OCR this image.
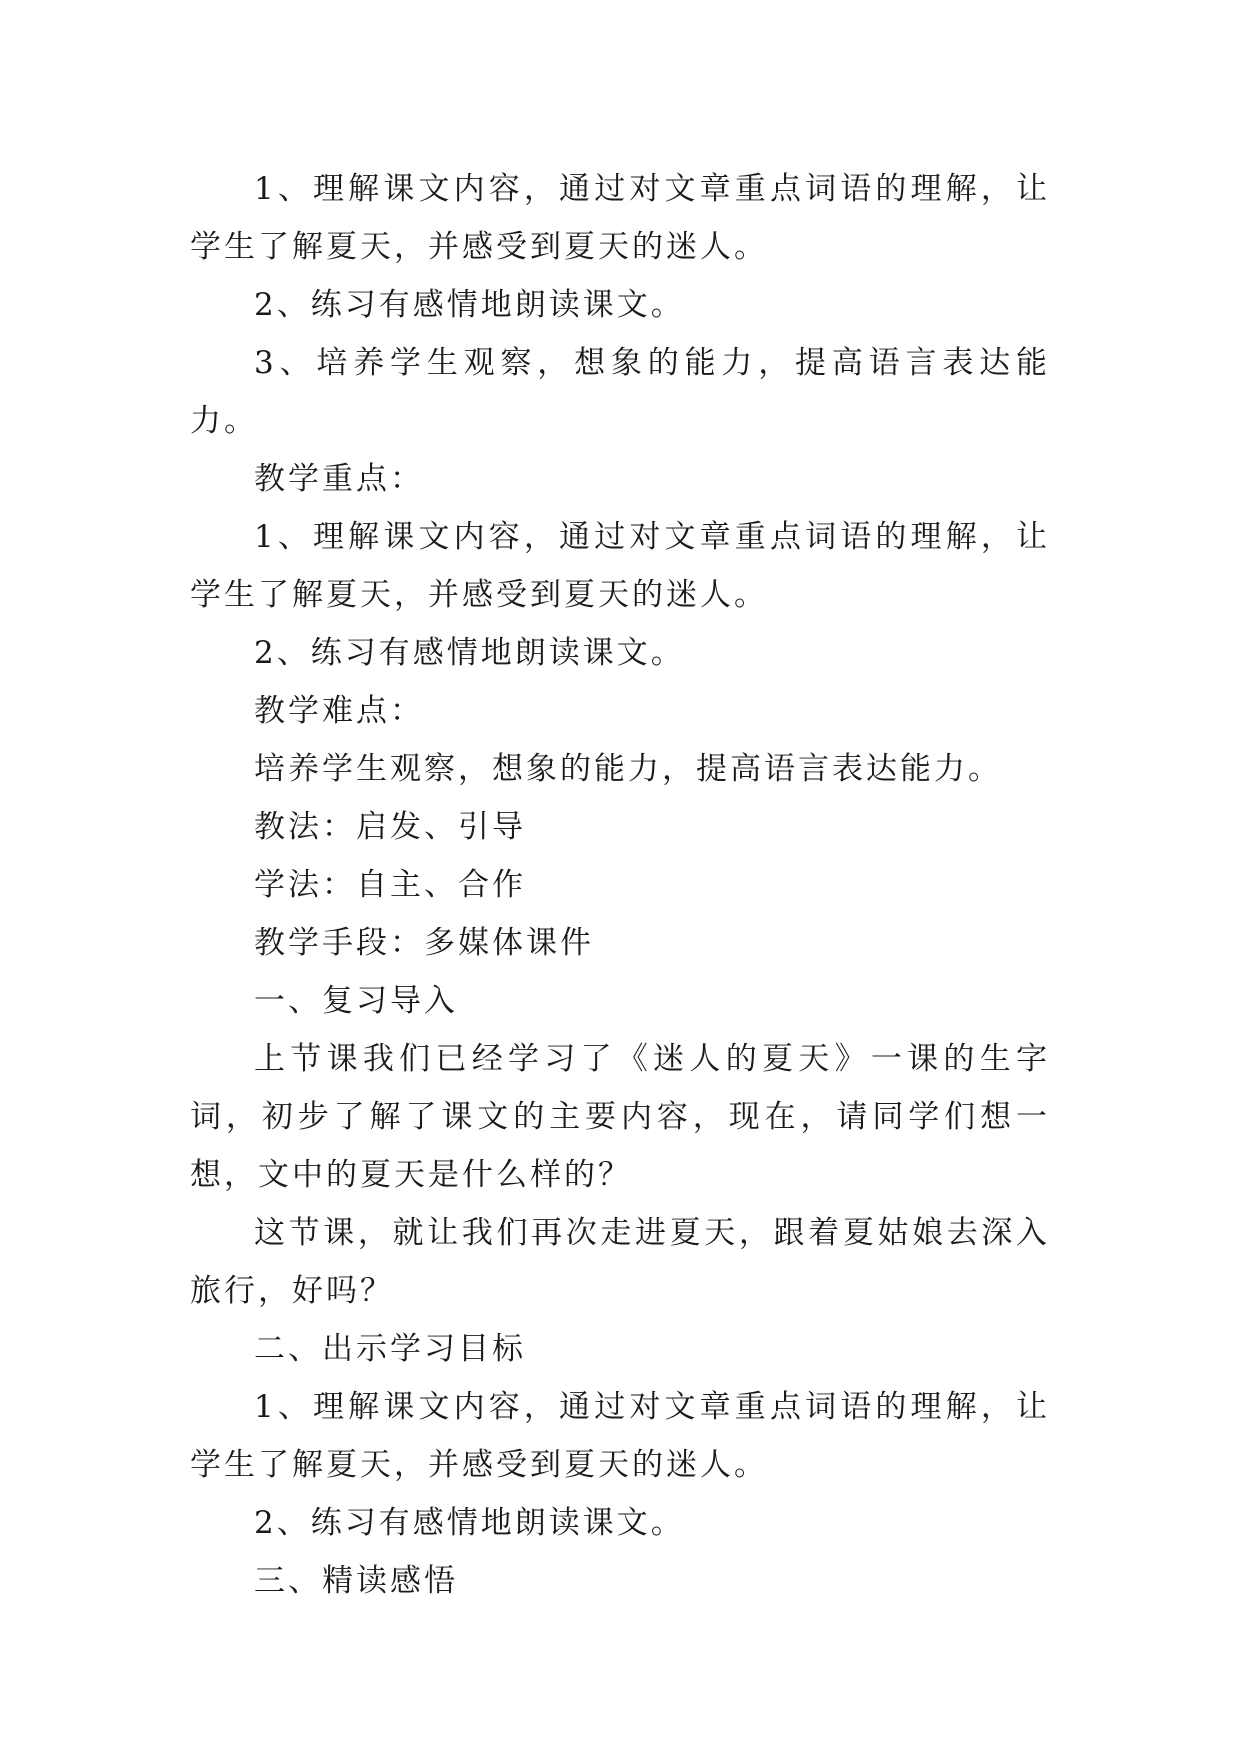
1、理解课文内容，通过对文章重点词语的理解，让学生了解夏天，并感受到夏天的迷人。

2、练习有感情地朗读课文。

3、培养学生观察，想象的能力，提高语言表达能力。

教学重点：

1、理解课文内容，通过对文章重点词语的理解，让学生了解夏天，并感受到夏天的迷人。

2、练习有感情地朗读课文。

教学难点：

培养学生观察，想象的能力，提高语言表达能力。

教法：启发、引导

学法：自主、合作

教学手段：多媒体课件

一、复习导入

上节课我们已经学习了《迷人的夏天》一课的生字词，初步了解了课文的主要内容，现在，请同学们想一想，文中的夏天是什么样的？

这节课，就让我们再次走进夏天，跟着夏姑娘去深入旅行，好吗？

二、出示学习目标

1、理解课文内容，通过对文章重点词语的理解，让学生了解夏天，并感受到夏天的迷人。

2、练习有感情地朗读课文。

三、精读感悟
